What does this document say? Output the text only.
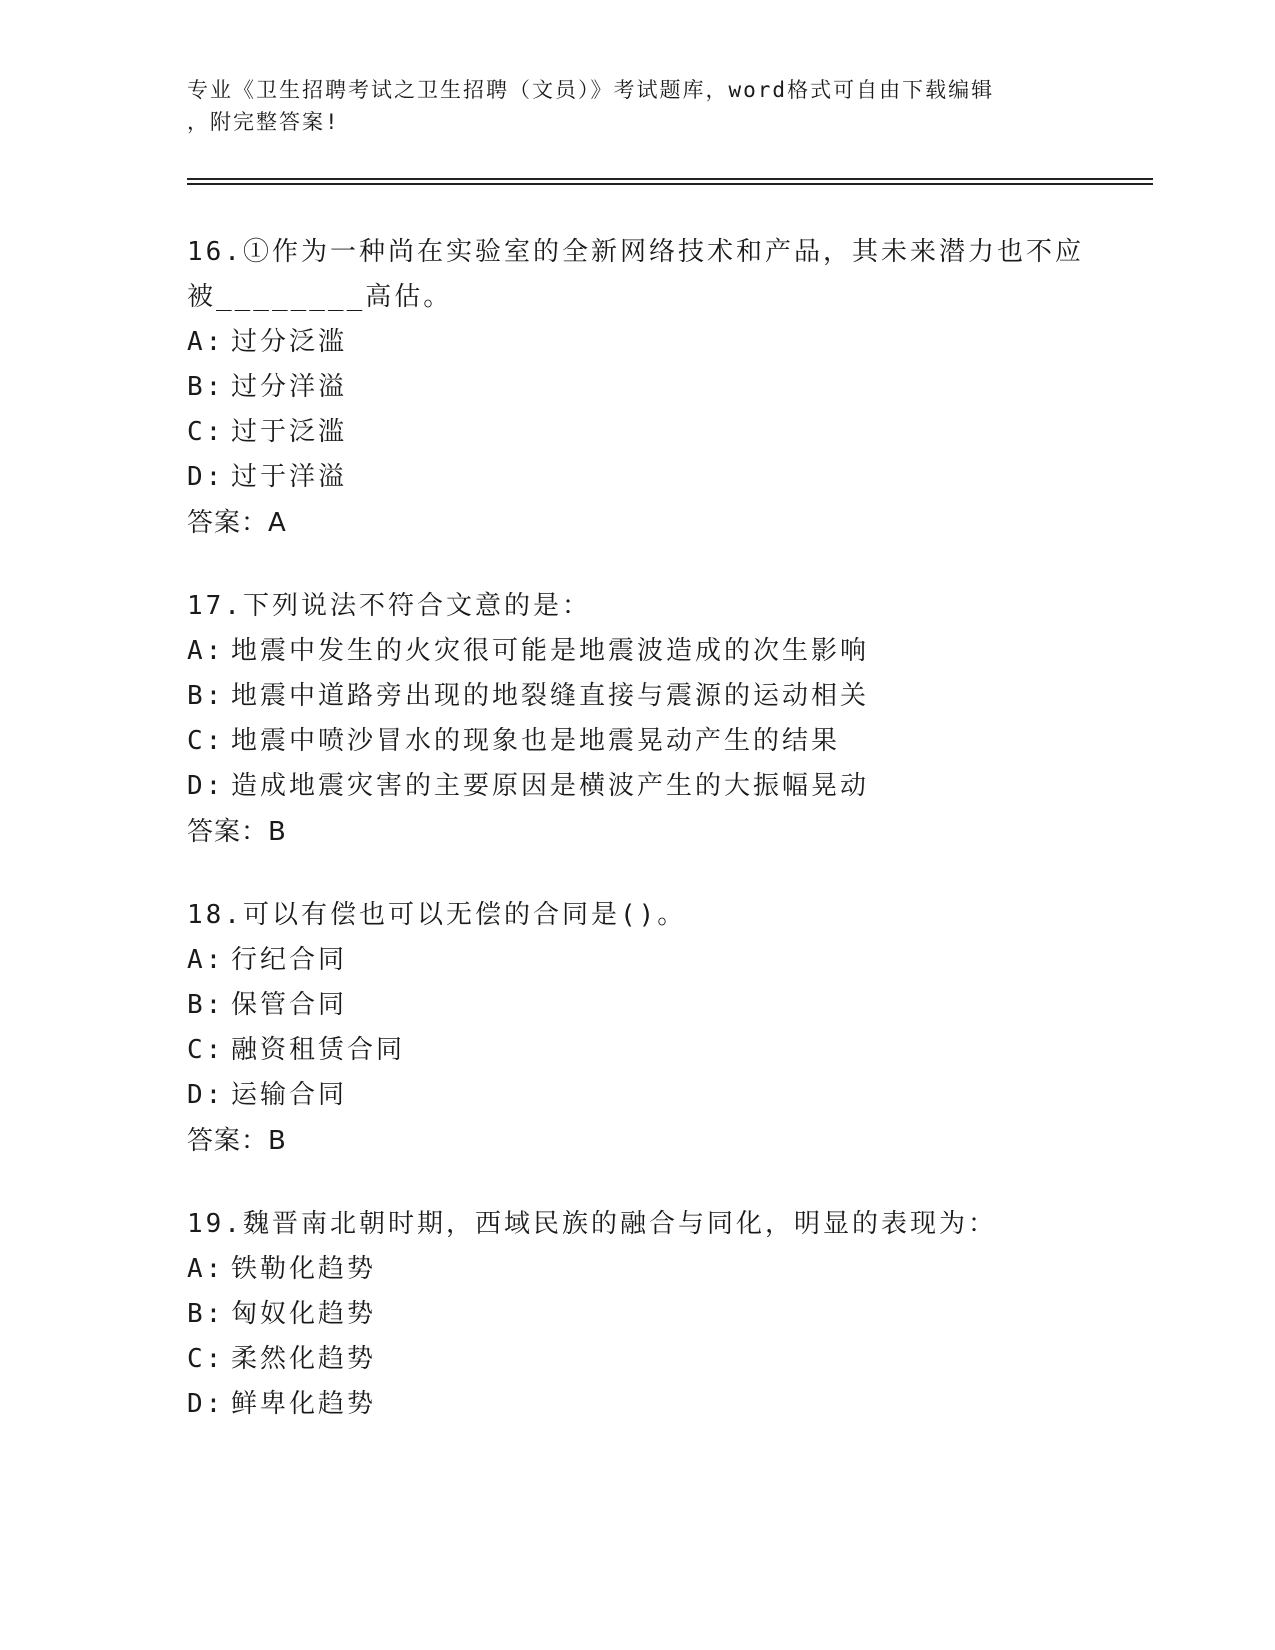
专业《卫生招聘考试之卫生招聘（文员）》考试题库，word格式可自由下载编辑
，附完整答案!
16.①作为一种尚在实验室的全新网络技术和产品，其未来潜力也不应被________高估。
A: 过分泛滥
B: 过分洋溢
C: 过于泛滥
D: 过于洋溢
答案：A
17.下列说法不符合文意的是：
A: 地震中发生的火灾很可能是地震波造成的次生影响
B: 地震中道路旁出现的地裂缝直接与震源的运动相关
C: 地震中喷沙冒水的现象也是地震晃动产生的结果
D: 造成地震灾害的主要原因是横波产生的大振幅晃动
答案：B
18.可以有偿也可以无偿的合同是()。
A: 行纪合同
B: 保管合同
C: 融资租赁合同
D: 运输合同
答案：B
19.魏晋南北朝时期，西域民族的融合与同化，明显的表现为：
A: 铁勒化趋势
B: 匈奴化趋势
C: 柔然化趋势
D: 鲜卑化趋势
